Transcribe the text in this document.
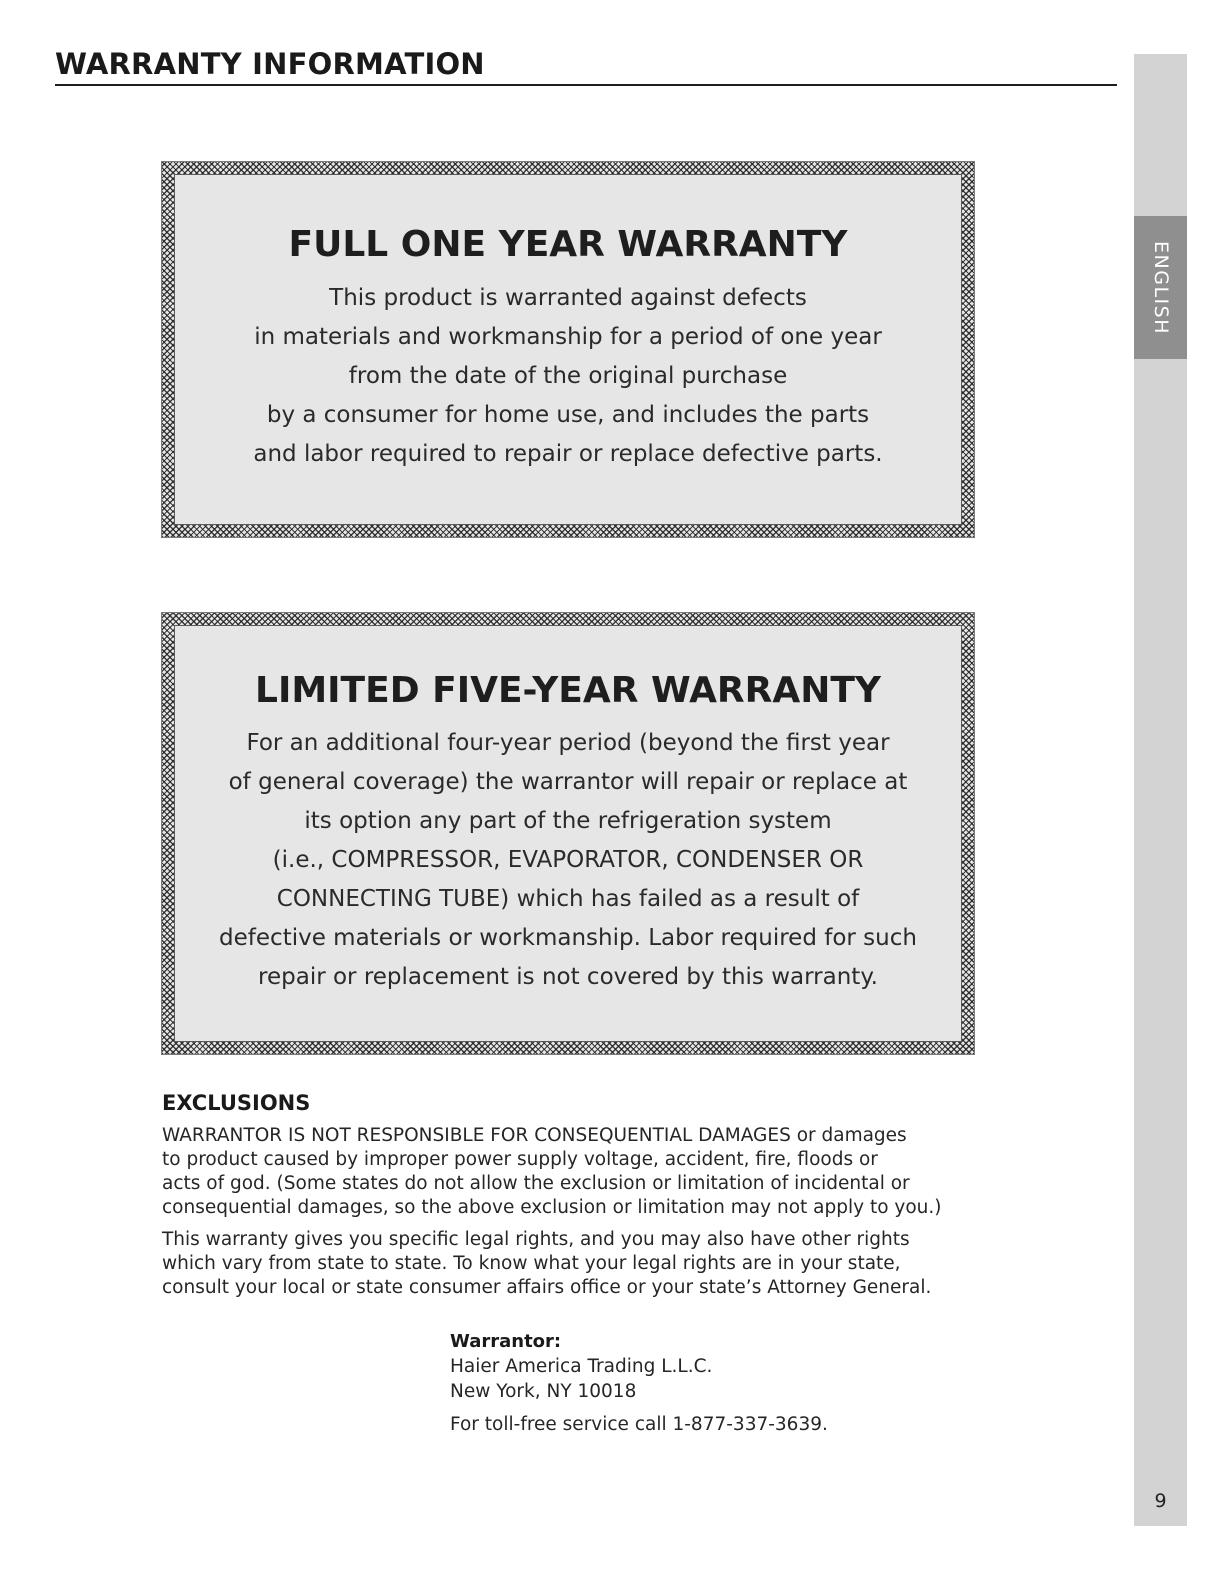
WARRANTY INFORMATION
ENGLISH
9
FULL ONE YEAR WARRANTY
This product is warranted against defects
in materials and workmanship for a period of one year
from the date of the original purchase
by a consumer for home use, and includes the parts
and labor required to repair or replace defective parts.
LIMITED FIVE-YEAR WARRANTY
For an additional four-year period (beyond the first year
of general coverage) the warrantor will repair or replace at
its option any part of the refrigeration system
(i.e., COMPRESSOR, EVAPORATOR, CONDENSER OR
CONNECTING TUBE) which has failed as a result of
defective materials or workmanship. Labor required for such
repair or replacement is not covered by this warranty.
EXCLUSIONS
WARRANTOR IS NOT RESPONSIBLE FOR CONSEQUENTIAL DAMAGES or damages
to product caused by improper power supply voltage, accident, fire, floods or
acts of god. (Some states do not allow the exclusion or limitation of incidental or
consequential damages, so the above exclusion or limitation may not apply to you.)
This warranty gives you specific legal rights, and you may also have other rights
which vary from state to state. To know what your legal rights are in your state,
consult your local or state consumer affairs office or your state’s Attorney General.
Warrantor:
Haier America Trading L.L.C.
New York, NY 10018
For toll-free service call 1-877-337-3639.
